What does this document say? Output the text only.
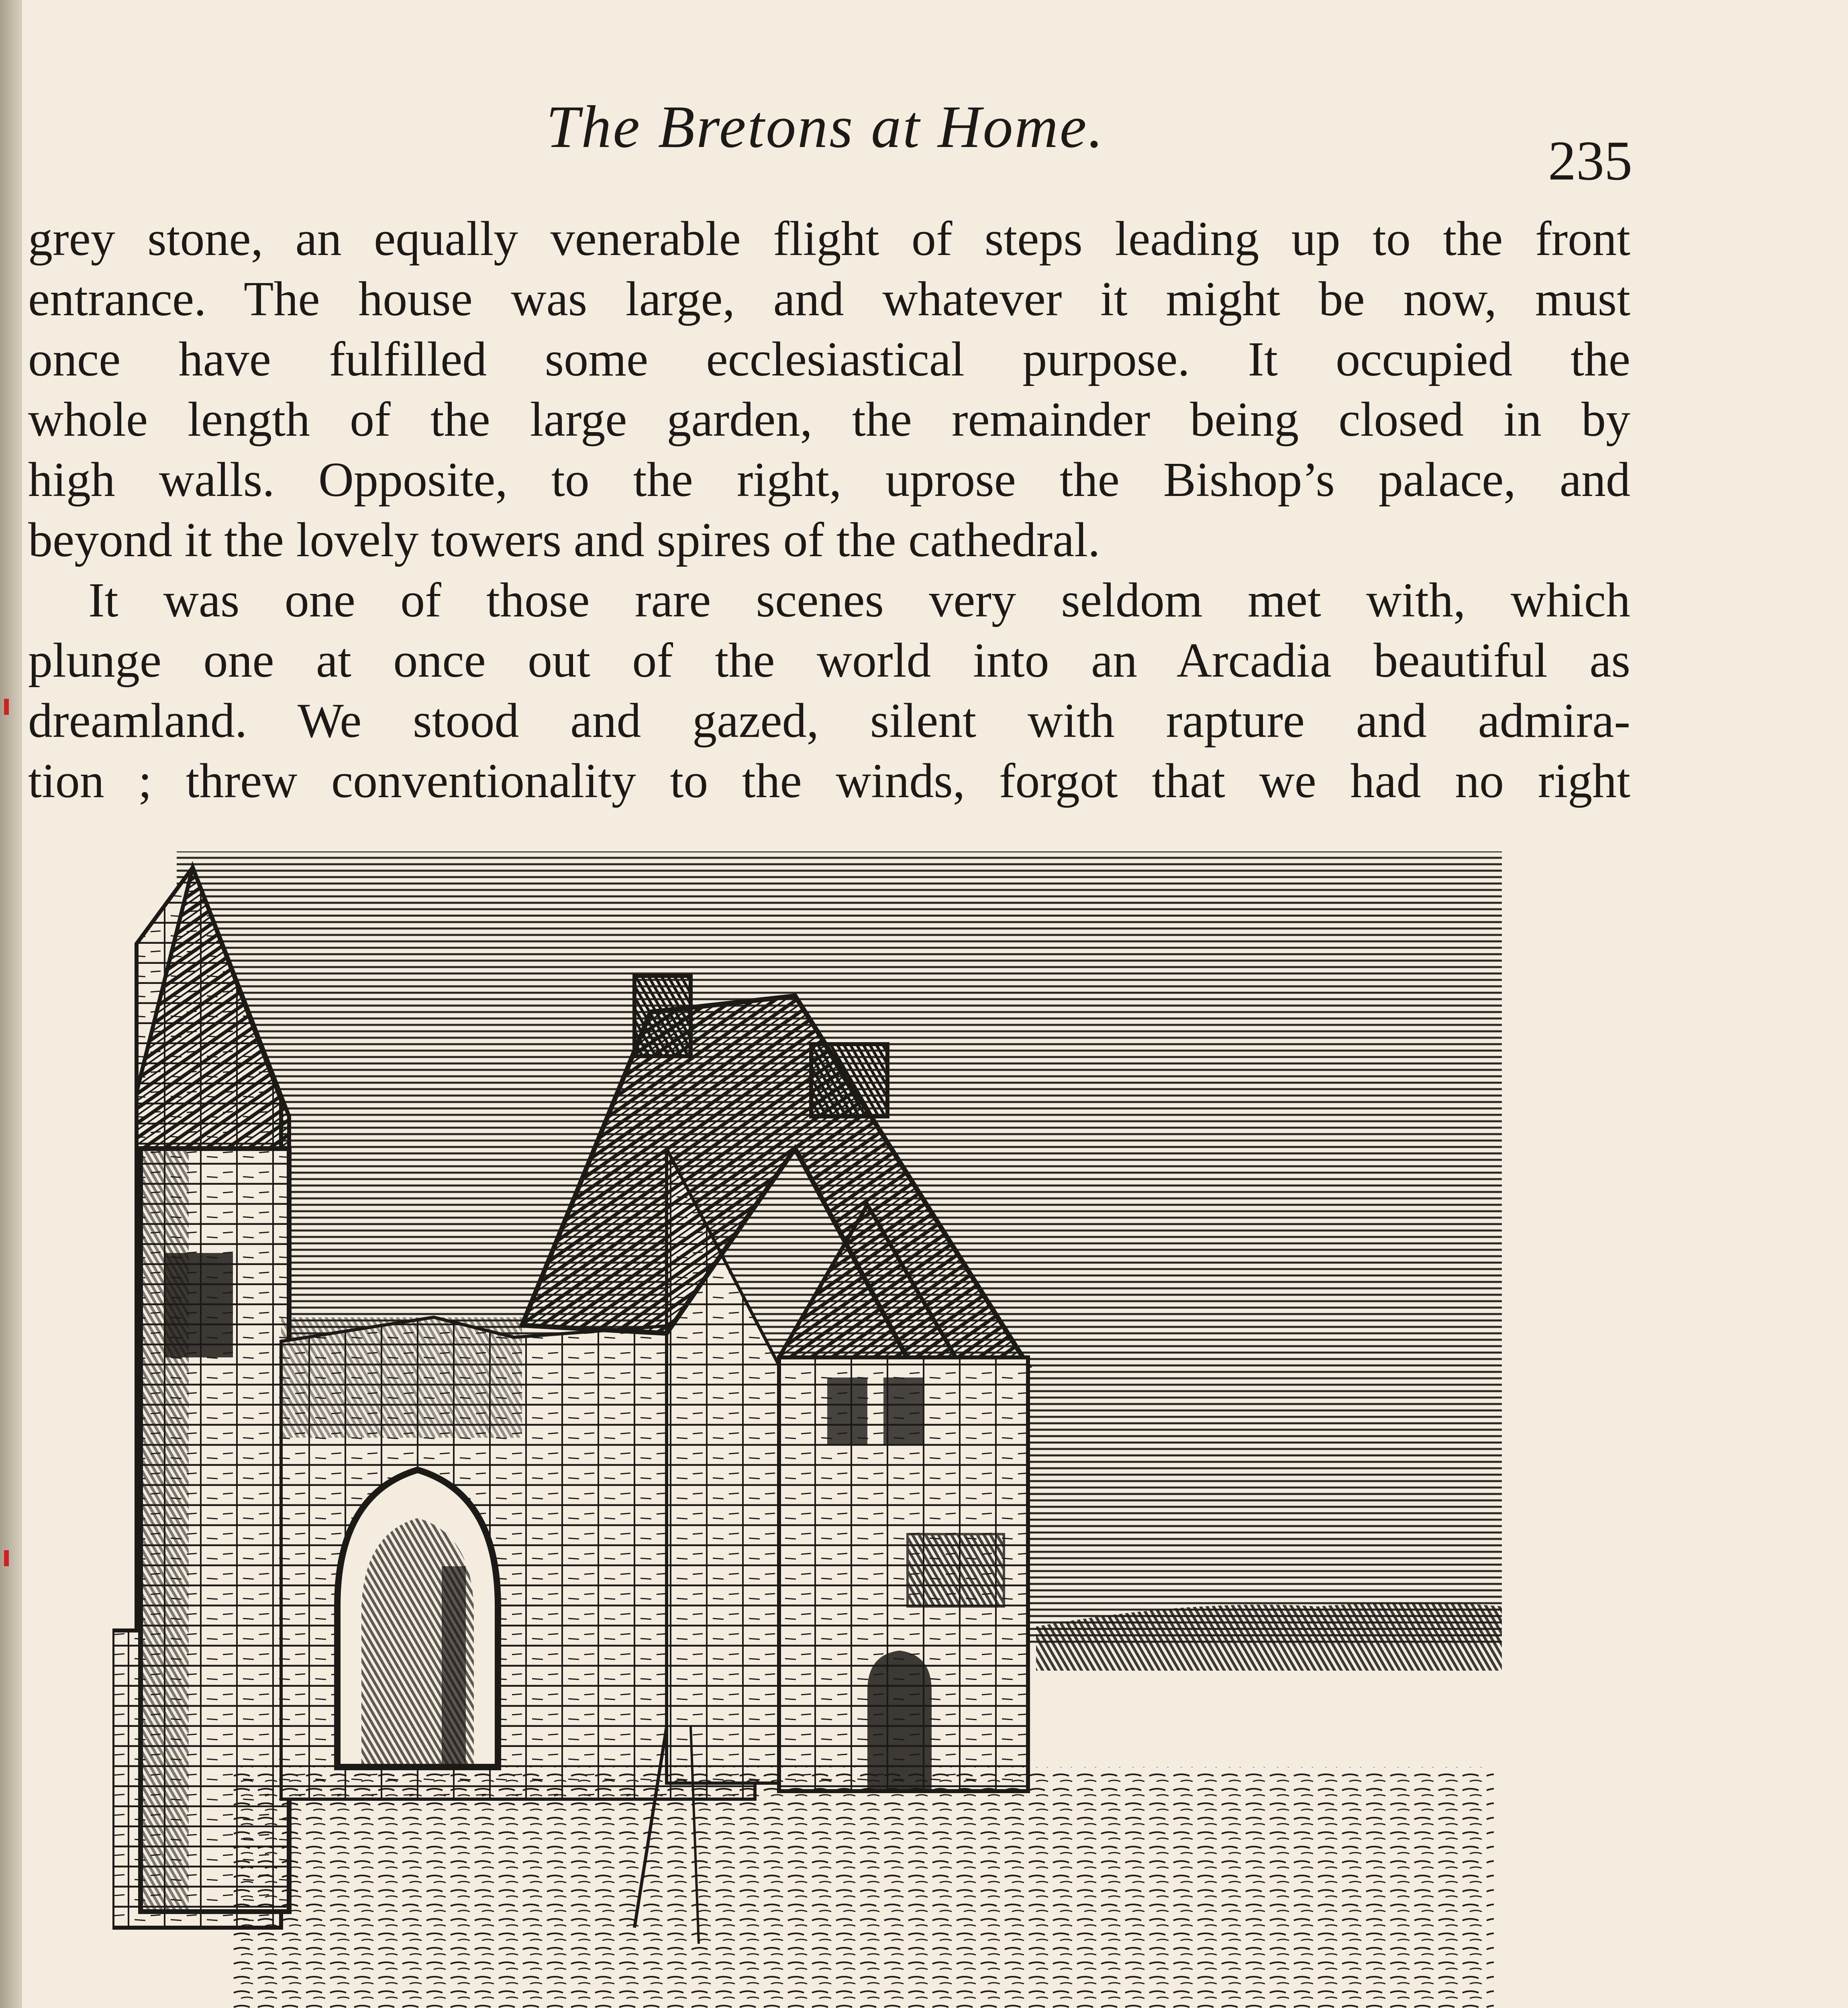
The Bretons at Home.
235
grey stone, an equally venerable flight of steps leading up to the front
entrance. The house was large, and whatever it might be now, must
once have fulfilled some ecclesiastical purpose. It occupied the
whole length of the large garden, the remainder being closed in by
high walls. Opposite, to the right, uprose the Bishop’s palace, and
beyond it the lovely towers and spires of the cathedral.
It was one of those rare scenes very seldom met with, which
plunge one at once out of the world into an Arcadia beautiful as
dreamland. We stood and gazed, silent with rapture and admira-
tion ; threw conventionality to the winds, forgot that we had no right
